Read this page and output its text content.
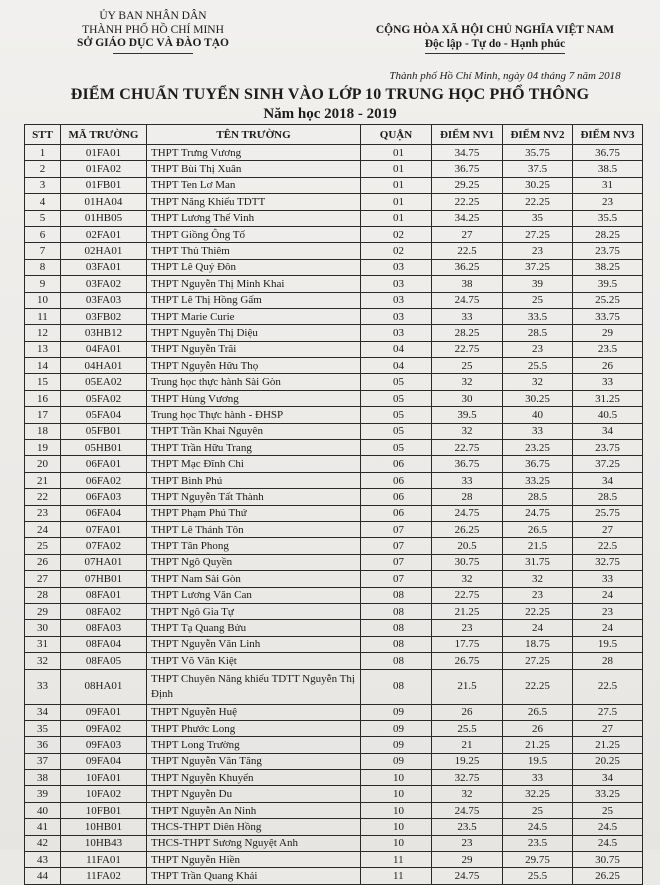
ỦY BAN NHÂN DÂN
THÀNH PHỐ HỒ CHÍ MINH
SỞ GIÁO DỤC VÀ ĐÀO TẠO
CỘNG HÒA XÃ HỘI CHỦ NGHĨA VIỆT NAM
Độc lập - Tự do - Hạnh phúc
Thành phố Hồ Chí Minh, ngày 04 tháng 7 năm 2018
ĐIỂM CHUẨN TUYỂN SINH VÀO LỚP 10 TRUNG HỌC PHỔ THÔNG
Năm học 2018 - 2019
STT	MÃ TRƯỜNG	TÊN TRƯỜNG	QUẬN	ĐIỂM NV1	ĐIỂM NV2	ĐIỂM NV3
1	01FA01	THPT Trưng Vương	01	34.75	35.75	36.75
2	01FA02	THPT Bùi Thị Xuân	01	36.75	37.5	38.5
3	01FB01	THPT Ten Lơ Man	01	29.25	30.25	31
4	01HA04	THPT Năng Khiếu TDTT	01	22.25	22.25	23
5	01HB05	THPT Lương Thế Vinh	01	34.25	35	35.5
6	02FA01	THPT Giồng Ông Tố	02	27	27.25	28.25
7	02HA01	THPT Thủ Thiêm	02	22.5	23	23.75
8	03FA01	THPT Lê Quý Đôn	03	36.25	37.25	38.25
9	03FA02	THPT Nguyễn Thị Minh Khai	03	38	39	39.5
10	03FA03	THPT Lê Thị Hồng Gấm	03	24.75	25	25.25
11	03FB02	THPT Marie Curie	03	33	33.5	33.75
12	03HB12	THPT Nguyễn Thị Diệu	03	28.25	28.5	29
13	04FA01	THPT Nguyễn Trãi	04	22.75	23	23.5
14	04HA01	THPT Nguyễn Hữu Thọ	04	25	25.5	26
15	05EA02	Trung học thực hành Sài Gòn	05	32	32	33
16	05FA02	THPT Hùng Vương	05	30	30.25	31.25
17	05FA04	Trung học Thực hành - ĐHSP	05	39.5	40	40.5
18	05FB01	THPT Trần Khai Nguyên	05	32	33	34
19	05HB01	THPT Trần Hữu Trang	05	22.75	23.25	23.75
20	06FA01	THPT Mạc Đĩnh Chi	06	36.75	36.75	37.25
21	06FA02	THPT Bình Phú	06	33	33.25	34
22	06FA03	THPT Nguyễn Tất Thành	06	28	28.5	28.5
23	06FA04	THPT Phạm Phú Thứ	06	24.75	24.75	25.75
24	07FA01	THPT Lê Thánh Tôn	07	26.25	26.5	27
25	07FA02	THPT Tân Phong	07	20.5	21.5	22.5
26	07HA01	THPT Ngô Quyền	07	30.75	31.75	32.75
27	07HB01	THPT Nam Sài Gòn	07	32	32	33
28	08FA01	THPT Lương Văn Can	08	22.75	23	24
29	08FA02	THPT Ngô Gia Tự	08	21.25	22.25	23
30	08FA03	THPT Tạ Quang Bửu	08	23	24	24
31	08FA04	THPT Nguyễn Văn Linh	08	17.75	18.75	19.5
32	08FA05	THPT Võ Văn Kiệt	08	26.75	27.25	28
33	08HA01	THPT Chuyên Năng khiếu TDTT Nguyễn Thị Định	08	21.5	22.25	22.5
34	09FA01	THPT Nguyễn Huệ	09	26	26.5	27.5
35	09FA02	THPT Phước Long	09	25.5	26	27
36	09FA03	THPT Long Trường	09	21	21.25	21.25
37	09FA04	THPT Nguyễn Văn Tăng	09	19.25	19.5	20.25
38	10FA01	THPT Nguyễn Khuyến	10	32.75	33	34
39	10FA02	THPT Nguyễn Du	10	32	32.25	33.25
40	10FB01	THPT Nguyễn An Ninh	10	24.75	25	25
41	10HB01	THCS-THPT Diên Hồng	10	23.5	24.5	24.5
42	10HB43	THCS-THPT Sương Nguyệt Anh	10	23	23.5	24.5
43	11FA01	THPT Nguyễn Hiền	11	29	29.75	30.75
44	11FA02	THPT Trần Quang Khải	11	24.75	25.5	26.25
